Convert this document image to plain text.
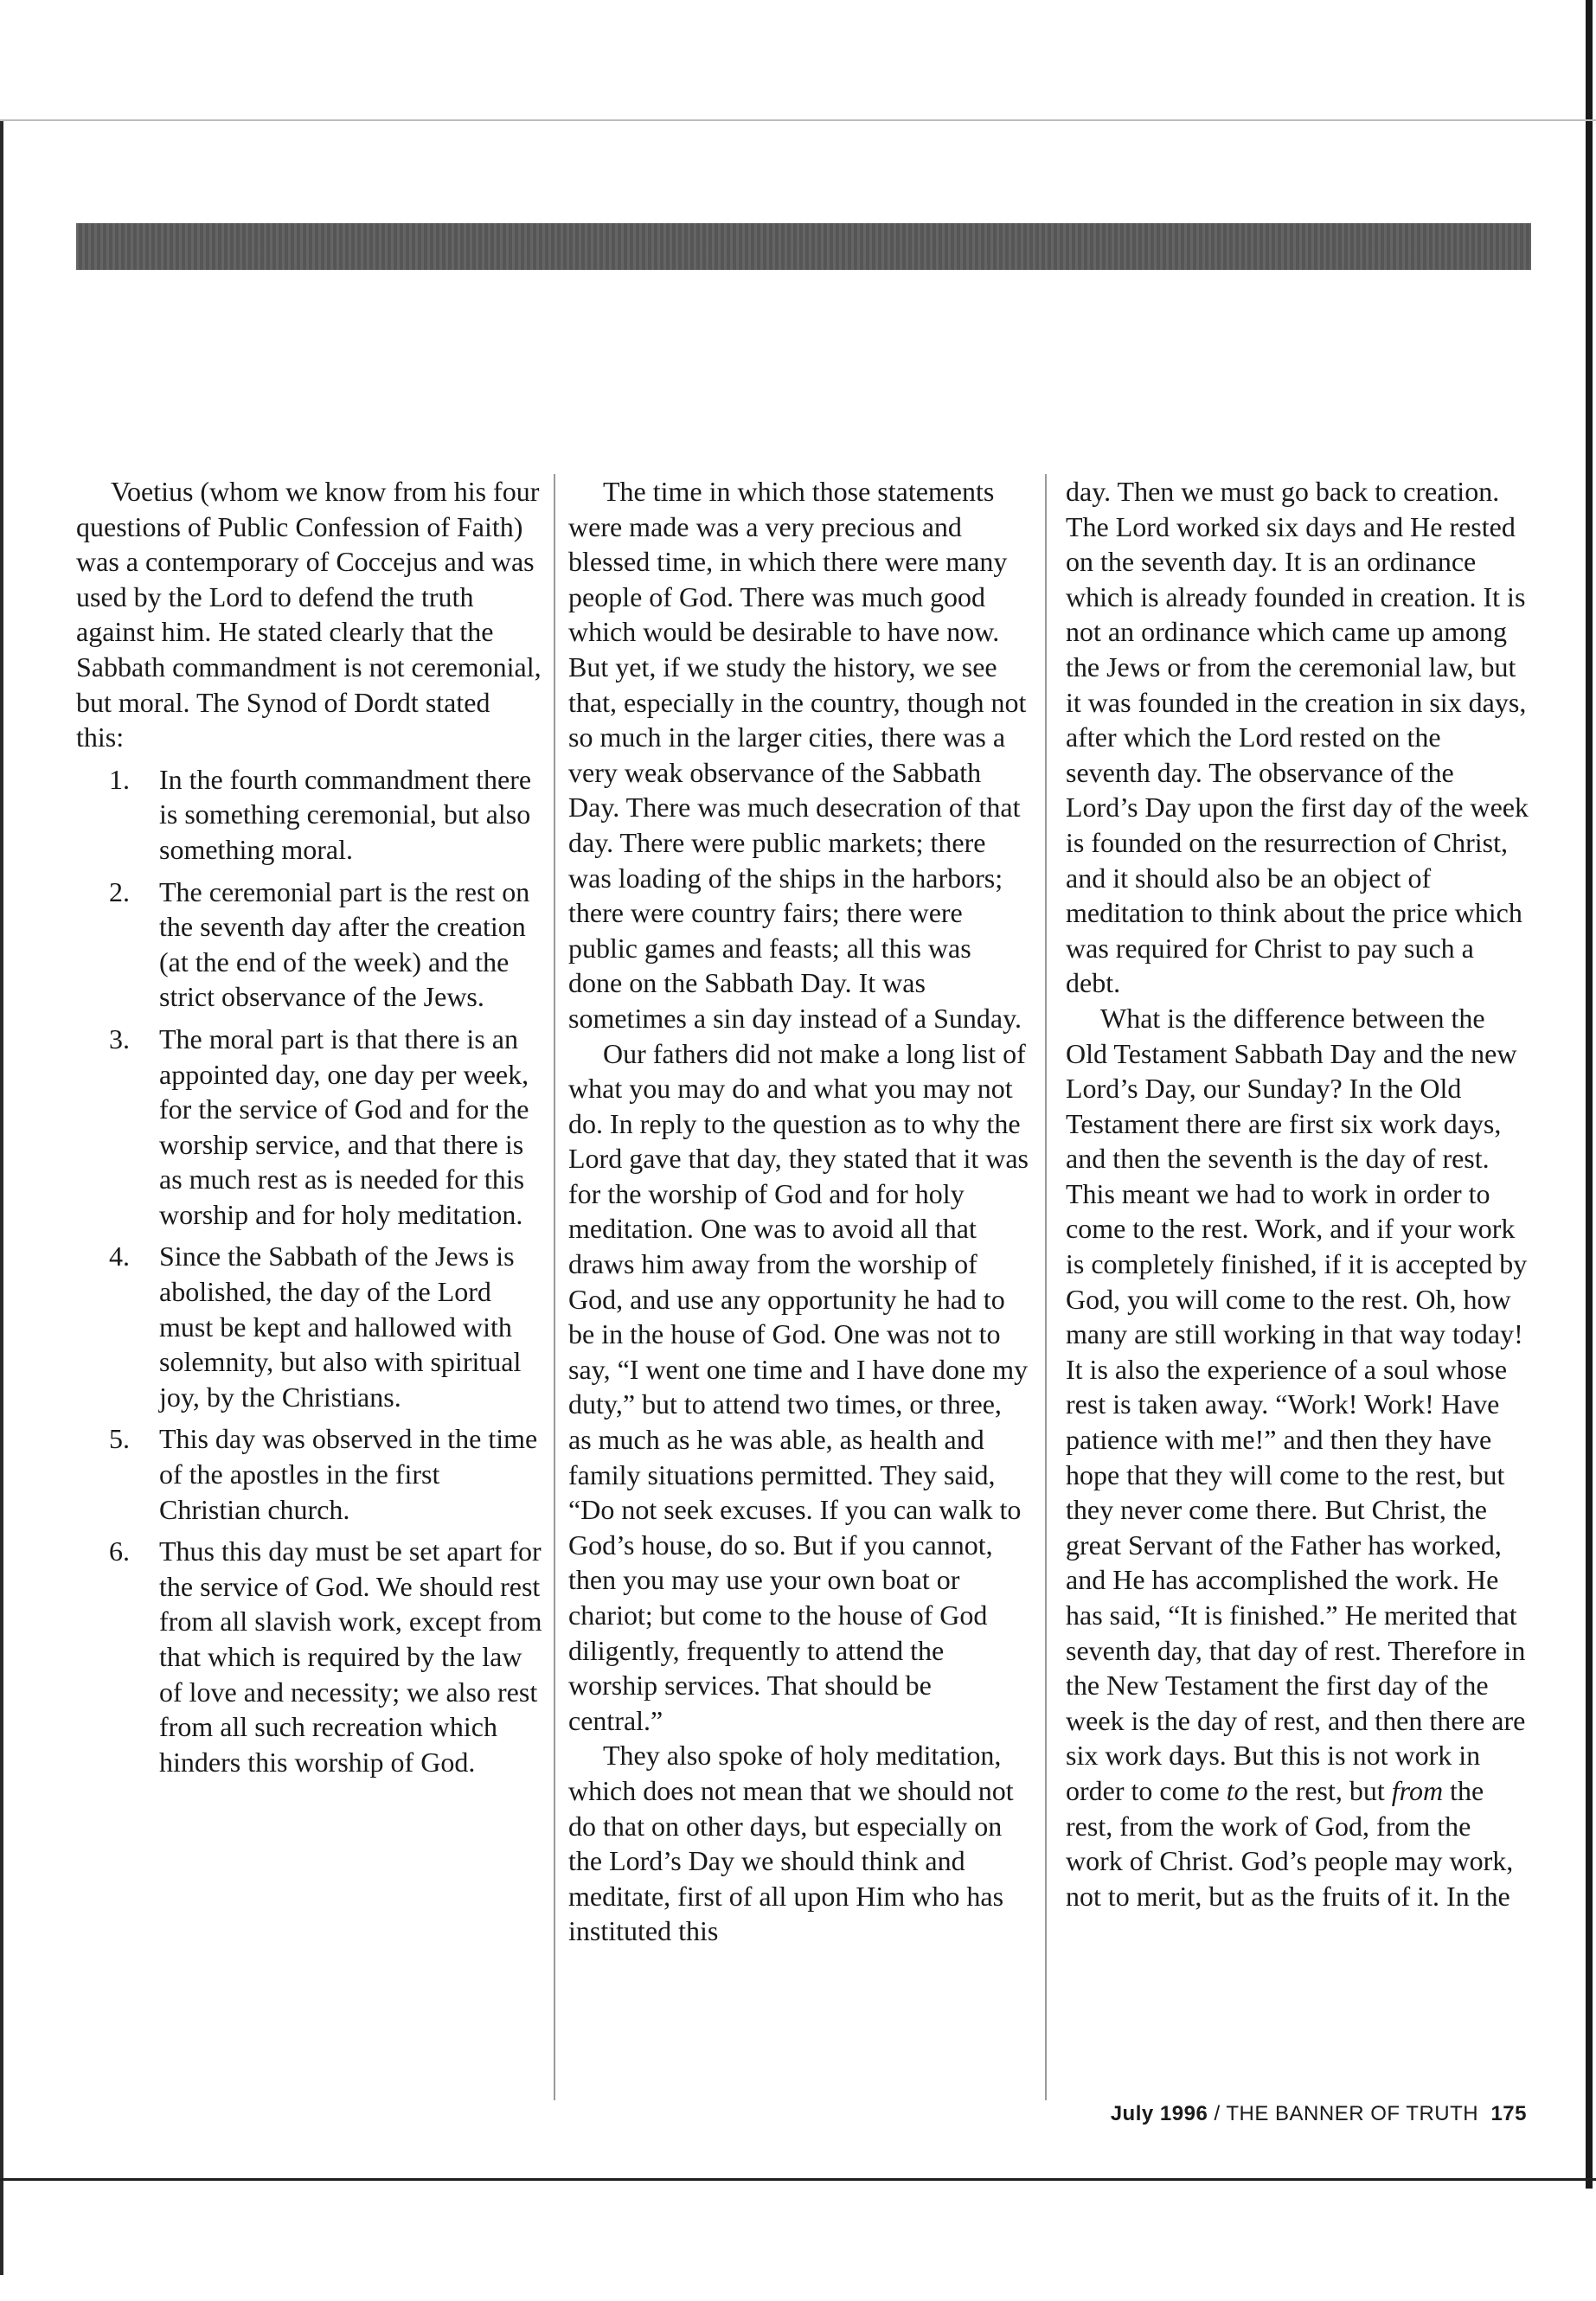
Voetius (whom we know from his four questions of Public Confession of Faith) was a contemporary of Coccejus and was used by the Lord to defend the truth against him. He stated clearly that the Sabbath commandment is not ceremonial, but moral. The Synod of Dordt stated this:

1.	In the fourth commandment there is something ceremonial, but also something moral.
2.	The ceremonial part is the rest on the seventh day after the creation (at the end of the week) and the strict observance of the Jews.
3.	The moral part is that there is an appointed day, one day per week, for the service of God and for the worship service, and that there is as much rest as is needed for this worship and for holy meditation.
4.	Since the Sabbath of the Jews is abolished, the day of the Lord must be kept and hallowed with solemnity, but also with spiritual joy, by the Christians.
5.	This day was observed in the time of the apostles in the first Christian church.
6.	Thus this day must be set apart for the service of God. We should rest from all slavish work, except from that which is required by the law of love and necessity; we also rest from all such recreation which hinders this worship of God.

The time in which those statements were made was a very precious and blessed time, in which there were many people of God. There was much good which would be desirable to have now. But yet, if we study the history, we see that, especially in the country, though not so much in the larger cities, there was a very weak observance of the Sabbath Day. There was much desecration of that day. There were public markets; there was loading of the ships in the harbors; there were country fairs; there were public games and feasts; all this was done on the Sabbath Day. It was sometimes a sin day instead of a Sunday.

Our fathers did not make a long list of what you may do and what you may not do. In reply to the question as to why the Lord gave that day, they stated that it was for the worship of God and for holy meditation. One was to avoid all that draws him away from the worship of God, and use any opportunity he had to be in the house of God. One was not to say, “I went one time and I have done my duty,” but to attend two times, or three, as much as he was able, as health and family situations permitted. They said, “Do not seek excuses. If you can walk to God’s house, do so. But if you cannot, then you may use your own boat or chariot; but come to the house of God diligently, frequently to attend the worship services. That should be central.”

They also spoke of holy meditation, which does not mean that we should not do that on other days, but especially on the Lord’s Day we should think and meditate, first of all upon Him who has instituted this

day. Then we must go back to creation. The Lord worked six days and He rested on the seventh day. It is an ordinance which is already founded in creation. It is not an ordinance which came up among the Jews or from the ceremonial law, but it was founded in the creation in six days, after which the Lord rested on the seventh day. The observance of the Lord’s Day upon the first day of the week is founded on the resurrection of Christ, and it should also be an object of meditation to think about the price which was required for Christ to pay such a debt.

What is the difference between the Old Testament Sabbath Day and the new Lord’s Day, our Sunday? In the Old Testament there are first six work days, and then the seventh is the day of rest. This meant we had to work in order to come to the rest. Work, and if your work is completely finished, if it is accepted by God, you will come to the rest. Oh, how many are still working in that way today! It is also the experience of a soul whose rest is taken away. “Work! Work! Have patience with me!” and then they have hope that they will come to the rest, but they never come there. But Christ, the great Servant of the Father has worked, and He has accomplished the work. He has said, “It is finished.” He merited that seventh day, that day of rest. Therefore in the New Testament the first day of the week is the day of rest, and then there are six work days. But this is not work in order to come to the rest, but from the rest, from the work of God, from the work of Christ. God’s people may work, not to merit, but as the fruits of it. In the

July 1996 / THE BANNER OF TRUTH 175
